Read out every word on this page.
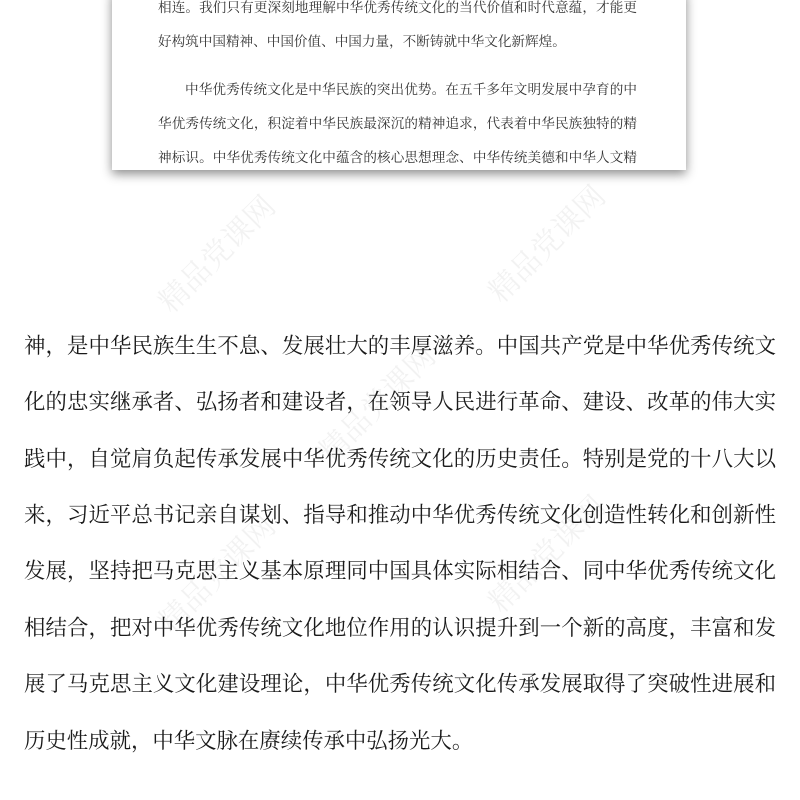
相连。我们只有更深刻地理解中华优秀传统文化的当代价值和时代意蕴，才能更
好构筑中国精神、中国价值、中国力量，不断铸就中华文化新辉煌。
中华优秀传统文化是中华民族的突出优势。在五千多年文明发展中孕育的中
华优秀传统文化，积淀着中华民族最深沉的精神追求，代表着中华民族独特的精
神标识。中华优秀传统文化中蕴含的核心思想理念、中华传统美德和中华人文精
神，是中华民族生生不息、发展壮大的丰厚滋养。中国共产党是中华优秀传统文
化的忠实继承者、弘扬者和建设者，在领导人民进行革命、建设、改革的伟大实
践中，自觉肩负起传承发展中华优秀传统文化的历史责任。特别是党的十八大以
来，习近平总书记亲自谋划、指导和推动中华优秀传统文化创造性转化和创新性
发展，坚持把马克思主义基本原理同中国具体实际相结合、同中华优秀传统文化
相结合，把对中华优秀传统文化地位作用的认识提升到一个新的高度，丰富和发
展了马克思主义文化建设理论，中华优秀传统文化传承发展取得了突破性进展和
历史性成就，中华文脉在赓续传承中弘扬光大。
精品党课网	精品党课网
精品党课网
精品党课网	精品党课网
